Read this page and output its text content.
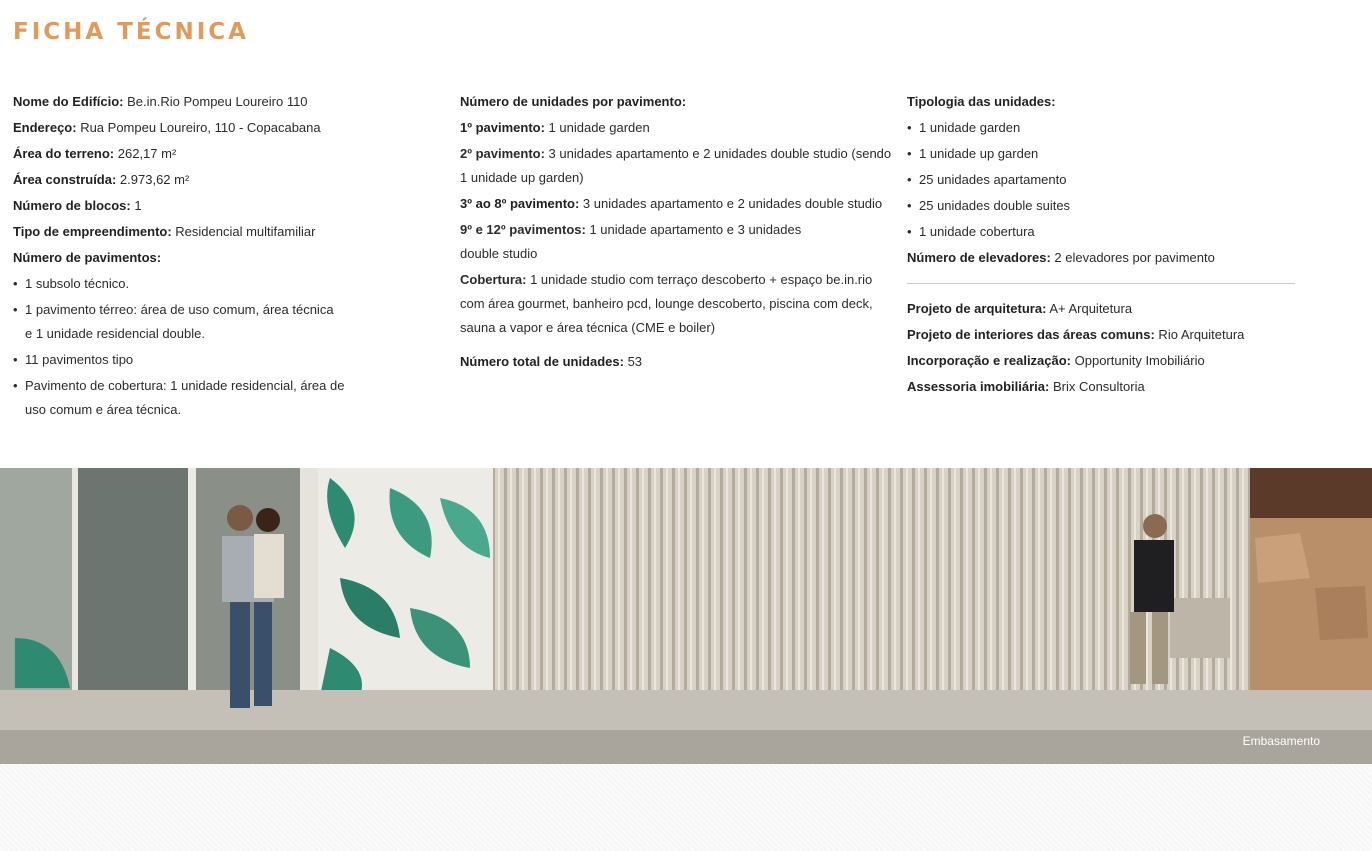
FICHA TÉCNICA
Nome do Edifício: Be.in.Rio Pompeu Loureiro 110
Endereço: Rua Pompeu Loureiro, 110 - Copacabana
Área do terreno: 262,17 m²
Área construída: 2.973,62 m²
Número de blocos: 1
Tipo de empreendimento: Residencial multifamiliar
Número de pavimentos:
• 1 subsolo técnico.
• 1 pavimento térreo: área de uso comum, área técnica e 1 unidade residencial double.
• 11 pavimentos tipo
• Pavimento de cobertura: 1 unidade residencial, área de uso comum e área técnica.
Número de unidades por pavimento:
1º pavimento: 1 unidade garden
2º pavimento: 3 unidades apartamento e 2 unidades double studio (sendo 1 unidade up garden)
3º ao 8º pavimento: 3 unidades apartamento e 2 unidades double studio
9º e 12º pavimentos: 1 unidade apartamento e 3 unidades
double studio
Cobertura: 1 unidade studio com terraço descoberto + espaço be.in.rio com área gourmet, banheiro pcd, lounge descoberto, piscina com deck, sauna a vapor e área técnica (CME e boiler)
Número total de unidades: 53
Tipologia das unidades:
• 1 unidade garden
• 1 unidade up garden
• 25 unidades apartamento
• 25 unidades double suites
• 1 unidade cobertura
Número de elevadores: 2 elevadores por pavimento
Projeto de arquitetura: A+ Arquitetura
Projeto de interiores das áreas comuns: Rio Arquitetura
Incorporação e realização: Opportunity Imobiliário
Assessoria imobiliária: Brix Consultoria
Embasamento
